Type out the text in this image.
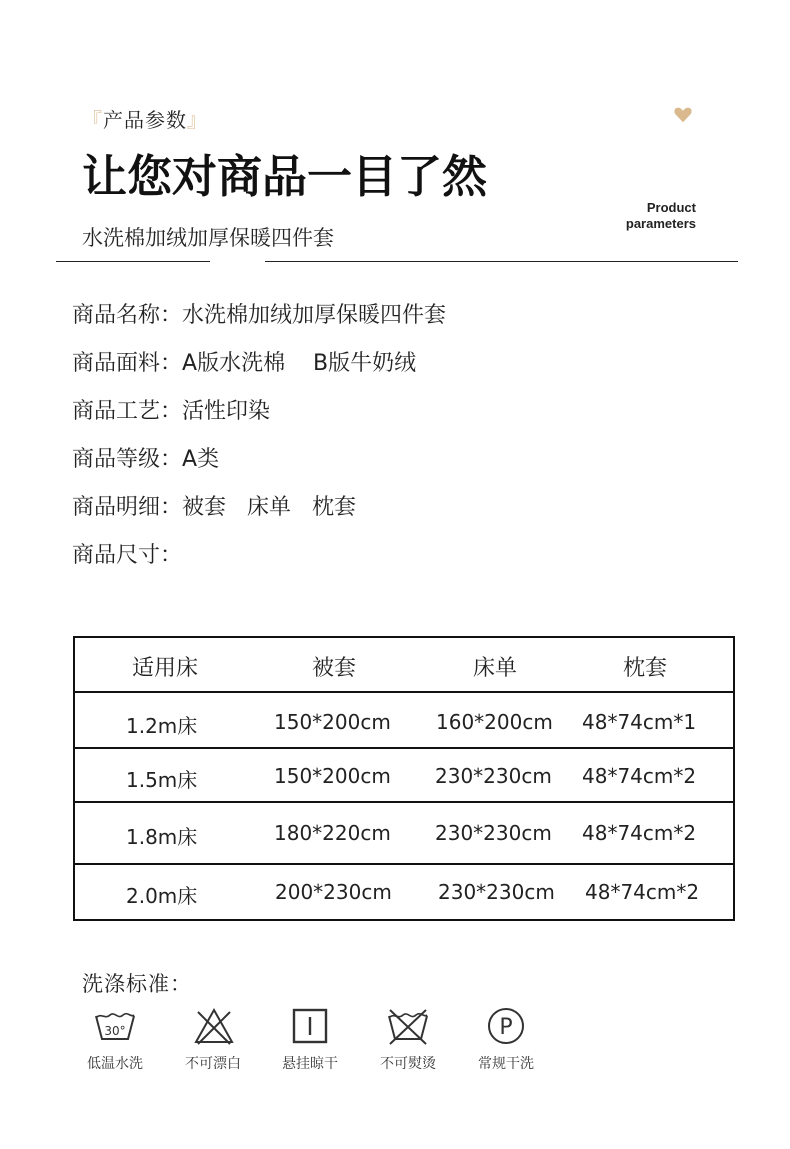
『产品参数』
让您对商品一目了然
Product
parameters
水洗棉加绒加厚保暖四件套
商品名称：水洗棉加绒加厚保暖四件套
商品面料：A版水洗棉    B版牛奶绒
商品工艺：活性印染
商品等级：A类
商品明细：被套   床单   枕套
商品尺寸：
适用床	被套	床单	枕套
1.2m床	150*200cm 160*200cm 48*74cm*1
1.5m床	150*200cm 230*230cm 48*74cm*2
1.8m床	180*220cm 230*230cm 48*74cm*2
2.0m床	200*230cm 230*230cm 48*74cm*2
洗涤标准：
30°
低温水洗	不可漂白	悬挂晾干	不可熨烫
P
常规干洗
